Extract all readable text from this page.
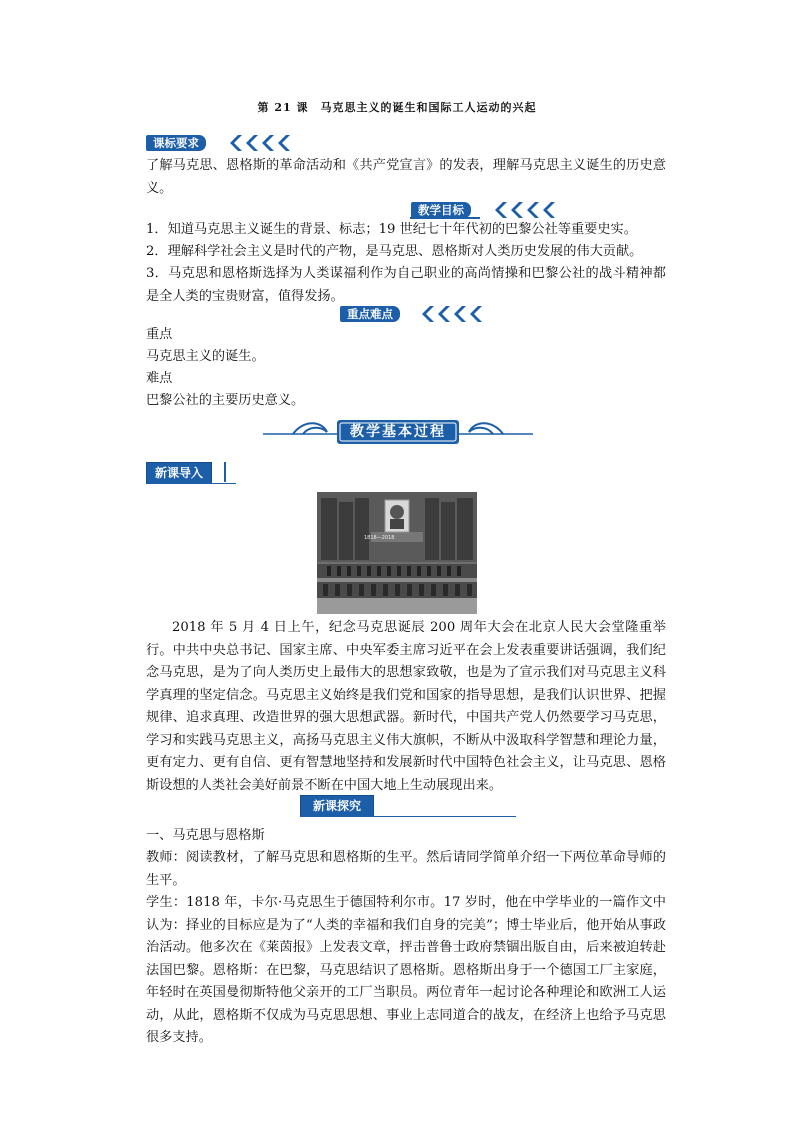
第 21 课　马克思主义的诞生和国际工人运动的兴起
课标要求
了解马克思、恩格斯的革命活动和《共产党宣言》的发表，理解马克思主义诞生的历史意义。
教学目标
1．知道马克思主义诞生的背景、标志；19 世纪七十年代初的巴黎公社等重要史实。
2．理解科学社会主义是时代的产物，是马克思、恩格斯对人类历史发展的伟大贡献。
3．马克思和恩格斯选择为人类谋福利作为自己职业的高尚情操和巴黎公社的战斗精神都是全人类的宝贵财富，值得发扬。
重点难点
重点
马克思主义的诞生。
难点
巴黎公社的主要历史意义。
教学基本过程
新课导入
1818—2018
2018 年 5 月 4 日上午，纪念马克思诞辰 200 周年大会在北京人民大会堂隆重举行。中共中央总书记、国家主席、中央军委主席习近平在会上发表重要讲话强调，我们纪念马克思，是为了向人类历史上最伟大的思想家致敬，也是为了宣示我们对马克思主义科学真理的坚定信念。马克思主义始终是我们党和国家的指导思想，是我们认识世界、把握规律、追求真理、改造世界的强大思想武器。新时代，中国共产党人仍然要学习马克思，学习和实践马克思主义，高扬马克思主义伟大旗帜，不断从中汲取科学智慧和理论力量，更有定力、更有自信、更有智慧地坚持和发展新时代中国特色社会主义，让马克思、恩格斯设想的人类社会美好前景不断在中国大地上生动展现出来。
新课探究
一、马克思与恩格斯
教师：阅读教材，了解马克思和恩格斯的生平。然后请同学简单介绍一下两位革命导师的生平。
学生：1818 年，卡尔·马克思生于德国特利尔市。17 岁时，他在中学毕业的一篇作文中认为：择业的目标应是为了“人类的幸福和我们自身的完美”；博士毕业后，他开始从事政治活动。他多次在《莱茵报》上发表文章，抨击普鲁士政府禁锢出版自由，后来被迫转赴法国巴黎。恩格斯：在巴黎，马克思结识了恩格斯。恩格斯出身于一个德国工厂主家庭，年轻时在英国曼彻斯特他父亲开的工厂当职员。两位青年一起讨论各种理论和欧洲工人运动，从此，恩格斯不仅成为马克思思想、事业上志同道合的战友，在经济上也给予马克思很多支持。
